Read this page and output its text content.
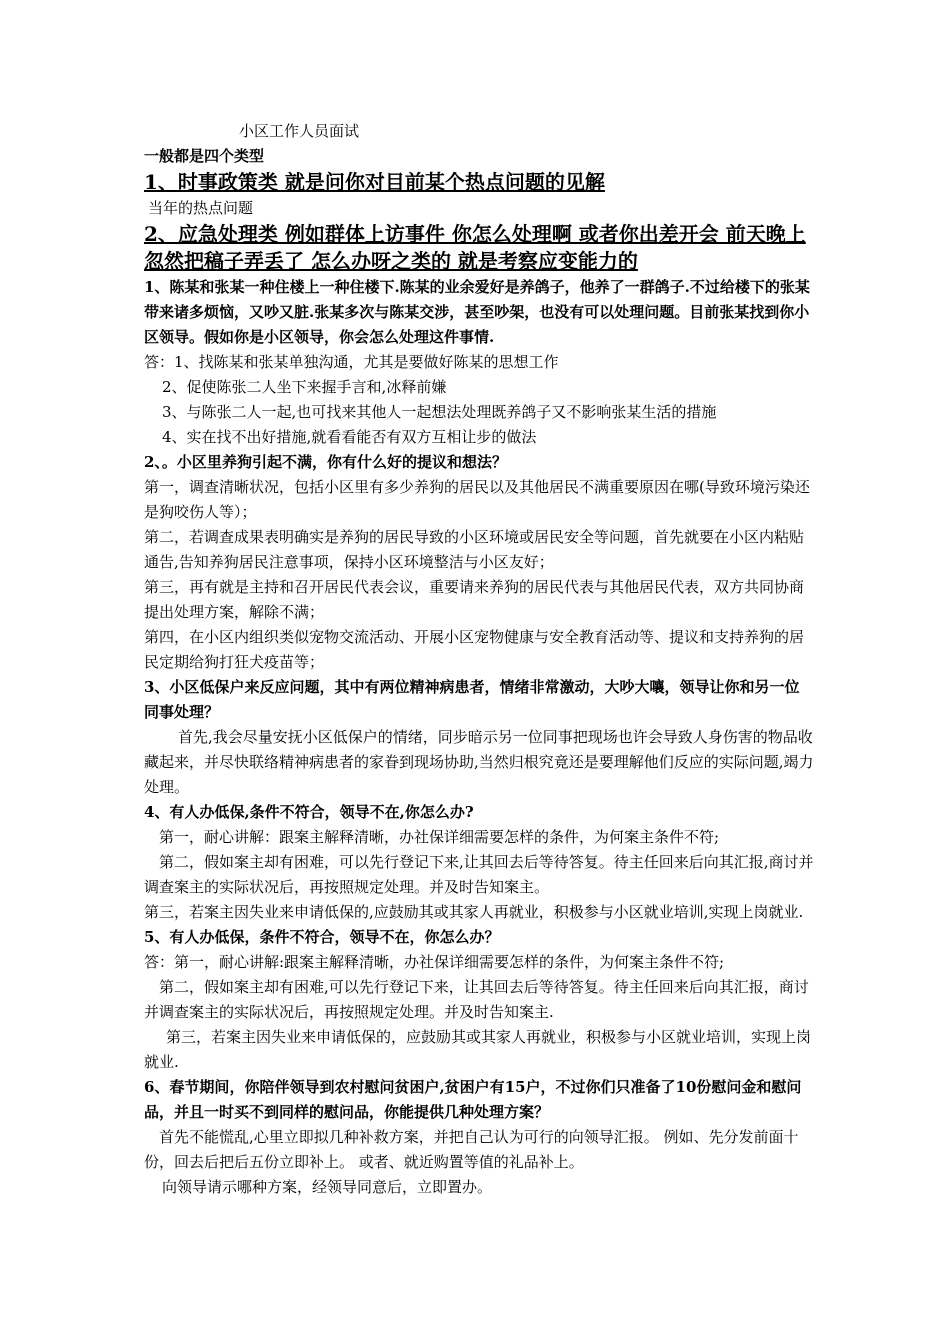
小区工作人员面试

一般都是四个类型

1、时事政策类 就是问你对目前某个热点问题的见解

当年的热点问题

2、应急处理类 例如群体上访事件 你怎么处理啊 或者你出差开会 前天晚上忽然把稿子弄丢了 怎么办呀之类的 就是考察应变能力的

1、陈某和张某一种住楼上一种住楼下.陈某的业余爱好是养鸽子，他养了一群鸽子.不过给楼下的张某带来诸多烦恼，又吵又脏.张某多次与陈某交涉，甚至吵架，也没有可以处理问题。目前张某找到你小区领导。假如你是小区领导，你会怎么处理这件事情.

答：1、找陈某和张某单独沟通，尤其是要做好陈某的思想工作

2、促使陈张二人坐下来握手言和,冰释前嫌

3、与陈张二人一起,也可找来其他人一起想法处理既养鸽子又不影响张某生活的措施

4、实在找不出好措施,就看看能否有双方互相让步的做法

2、。小区里养狗引起不满，你有什么好的提议和想法？

第一，调查清晰状况，包括小区里有多少养狗的居民以及其他居民不满重要原因在哪(导致环境污染还是狗咬伤人等）；

第二，若调查成果表明确实是养狗的居民导致的小区环境或居民安全等问题，首先就要在小区内粘贴通告,告知养狗居民注意事项，保持小区环境整洁与小区友好；

第三，再有就是主持和召开居民代表会议，重要请来养狗的居民代表与其他居民代表，双方共同协商提出处理方案，解除不满；

第四，在小区内组织类似宠物交流活动、开展小区宠物健康与安全教育活动等、提议和支持养狗的居民定期给狗打狂犬疫苗等；

3、小区低保户来反应问题，其中有两位精神病患者，情绪非常激动，大吵大嚷，领导让你和另一位同事处理？

首先,我会尽量安抚小区低保户的情绪，同步暗示另一位同事把现场也许会导致人身伤害的物品收藏起来，并尽快联络精神病患者的家眷到现场协助,当然归根究竟还是要理解他们反应的实际问题,竭力处理。

4、有人办低保,条件不符合，领导不在,你怎么办?

第一，耐心讲解：跟案主解释清晰，办社保详细需要怎样的条件，为何案主条件不符;

第二，假如案主却有困难，可以先行登记下来,让其回去后等待答复。待主任回来后向其汇报,商讨并调查案主的实际状况后，再按照规定处理。并及时告知案主。

第三，若案主因失业来申请低保的,应鼓励其或其家人再就业，积极参与小区就业培训,实现上岗就业.

5、有人办低保，条件不符合，领导不在，你怎么办？

答：第一，耐心讲解:跟案主解释清晰，办社保详细需要怎样的条件，为何案主条件不符;

第二，假如案主却有困难,可以先行登记下来，让其回去后等待答复。待主任回来后向其汇报，商讨并调查案主的实际状况后，再按照规定处理。并及时告知案主.

第三，若案主因失业来申请低保的，应鼓励其或其家人再就业，积极参与小区就业培训，实现上岗就业.

6、春节期间，你陪伴领导到农村慰问贫困户,贫困户有15户，不过你们只准备了10份慰问金和慰问品，并且一时买不到同样的慰问品，你能提供几种处理方案？

首先不能慌乱,心里立即拟几种补救方案，并把自己认为可行的向领导汇报。 例如、先分发前面十份，回去后把后五份立即补上。 或者、就近购置等值的礼品补上。

向领导请示哪种方案，经领导同意后，立即置办。
